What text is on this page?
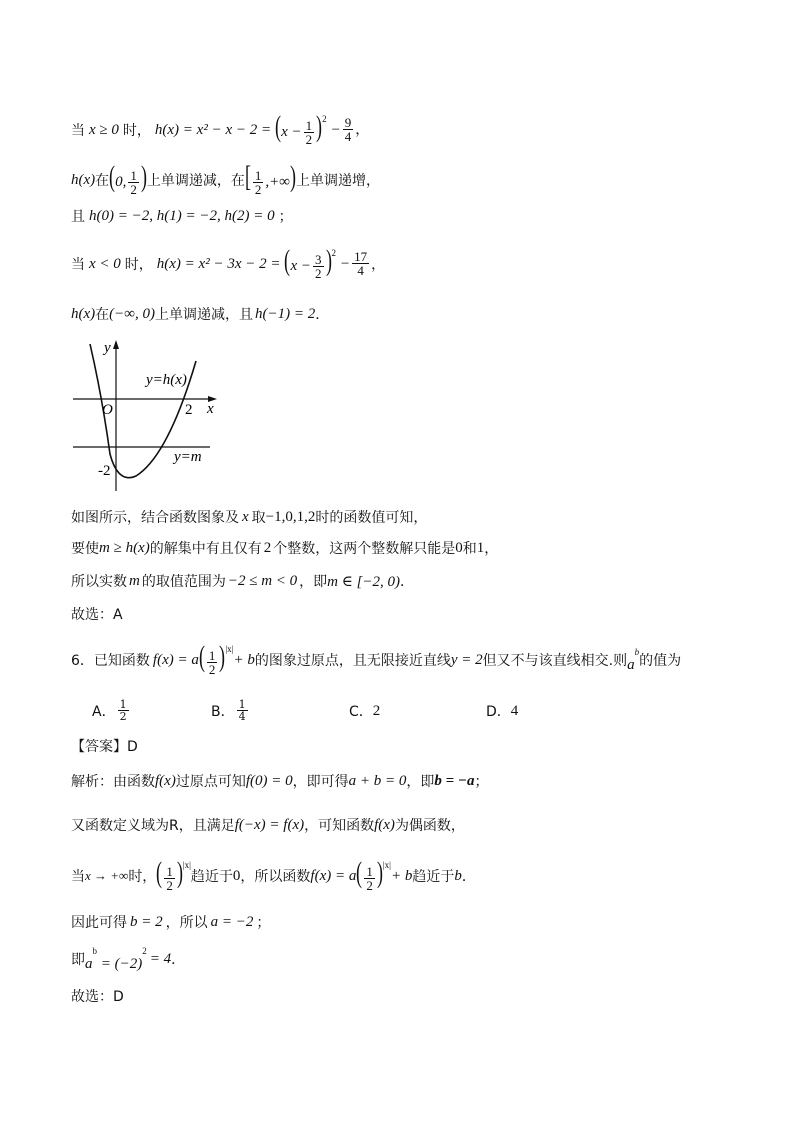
当 x ≥ 0 时， $h(x) = x^2 - x - 2 = (x - \frac{1}{2} )^2$
− $\frac{9}{4}$ ，
h(x) 在 (0, $\frac{1}{2}$ ) 上单调递减，在 [ $\frac{1}{2}$ ,+∞) 上单调递增，
且 h(0) = −2, h(1) = −2, h(2) = 0 ；
当 x < 0 时， $h(x) = x^2 - 3x - 2 = (x - \frac{3}{2} )^2$
− $\frac{17}{4}$ ，
h(x) 在 (−∞, 0) 上单调递减，且 h(−1) = 2 ．
y
x
O
y=h(x)
y=m
2
-2
如图所示，结合函数图象及 x 取 −1,0,1,2 时的函数值可知，
要使 m ≥ h(x) 的解集中有且仅有 2 个整数，这两个整数解只能是 0 和 1 ，
所以实数 m 的取值范围为 −2 ≤ m < 0 ，即 m ∈ [−2, 0) ．
故选：A
6．已知函数 f(x) = a ( $\frac{1}{2} )^{|x|}$
+ b 的图象过原点，且无限接近直线 y = 2 但又不与该直线相交.则 $a^b$
的值为
A． $\frac{1}{2}$	B． $\frac{1}{4}$	C． 2	D． 4
【答案】D
解析：由函数 f(x) 过原点可知 f(0) = 0 ，即可得 a + b = 0 ，即 b = −a ；
又函数定义域为R，且满足 f(−x) = f(x) ，可知函数 f(x) 为偶函数，
当 x → +∞ 时， ( $\frac{1}{2} )^{|x|}$
趋近于 0 ，所以函数 f(x) = a ( $\frac{1}{2} )^{|x|}$
+ b 趋近于 b ．
因此可得 b = 2 ，所以 a = −2 ；
即 $a^b = (-2)^2 = 4$ ．
故选：D
